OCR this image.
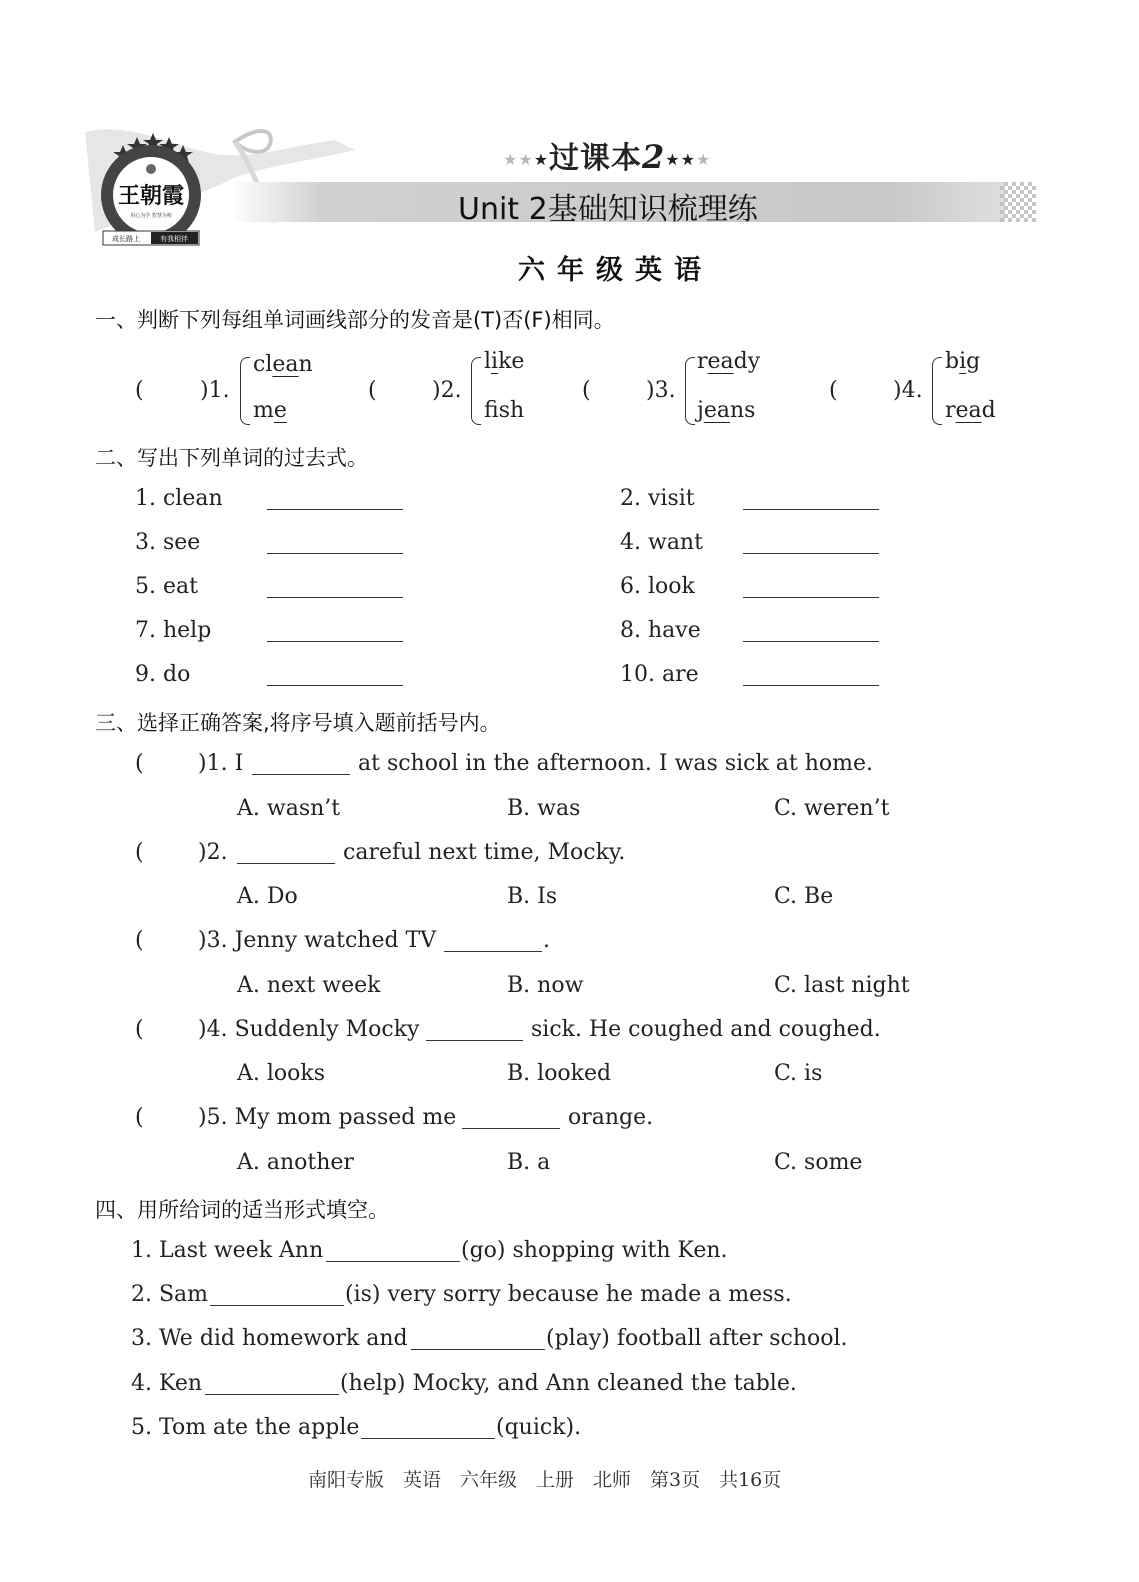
王朝霞
用心为学 智慧为师
成长路上	有我相伴
★★★过课本2★★★
Unit 2基础知识梳理练
六年级英语
一、判断下列每组单词画线部分的发音是(T)否(F)相同。
(	)1.
clean
me
(	)2.
like
fsh
(	)3.
ready
jeans
(	)4.
big
read
二、写出下列单词的过去式。
1. clean	2. visit
3. see	4. want
5. eat	6. look
7. help	8. have
9. do	10. are
三、选择正确答案,将序号填入题前括号内。
( )1. I	at school in the afternoon. I was sick at home.
A. wasn’t	B. was	C. weren’t
( )2.	careful next time, Mocky.
A. Do	B. Is	C. Be
( )3. Jenny watched TV	.
A. next week	B. now	C. last night
( )4. Suddenly Mocky	sick. He coughed and coughed.
A. looks	B. looked	C. is
( )5. My mom passed me	orange.
A. another	B. a	C. some
四、用所给词的适当形式填空。
1. Last week Ann	(go) shopping with Ken.
2. Sam	(is) very sorry because he made a mess.
3. We did homework and	(play) football after school.
4. Ken	(help) Mocky, and Ann cleaned the table.
5. Tom ate the apple	(quick).
南阳专版　英语　六年级　上册　北师　第3页　共16页
